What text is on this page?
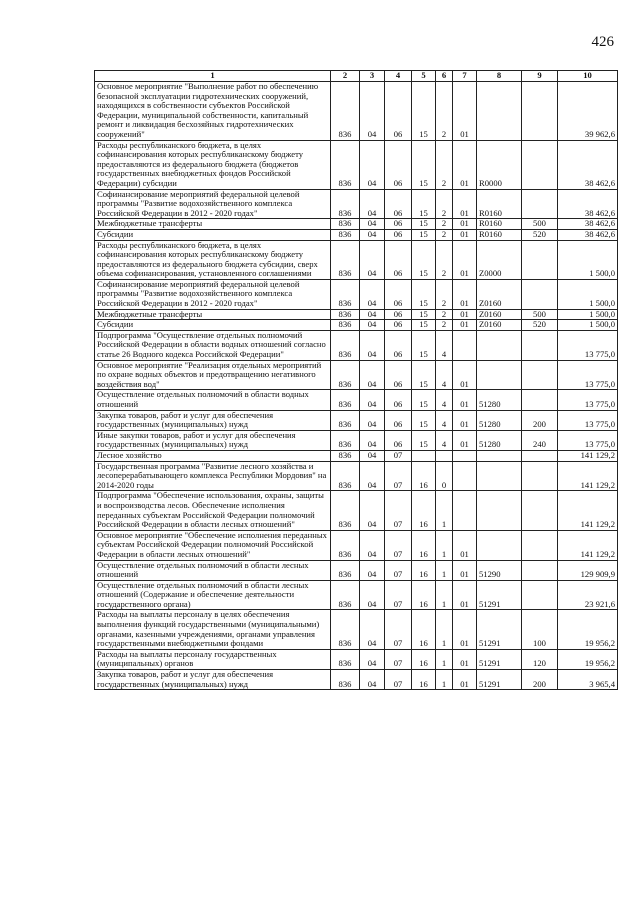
426
1	2	3	4	5	6	7	8	9	10
Основное мероприятие "Выполнение работ по обеспечению безопасной эксплуатации гидротехнических сооружений, находящихся в собственности субъектов Российской Федерации, муниципальной собственности, капитальный ремонт и ликвидация бесхозяйных гидротехнических сооружений"	836	04	06	15	2	01			39 962,6
Расходы республиканского бюджета, в целях софинансирования которых республиканскому бюджету предоставляются из федерального бюджета (бюджетов государственных внебюджетных фондов Российской Федерации) субсидии	836	04	06	15	2	01	R0000		38 462,6
Софинансирование мероприятий федеральной целевой программы "Развитие водохозяйственного комплекса Российской Федерации в 2012 - 2020 годах"	836	04	06	15	2	01	R0160		38 462,6
Межбюджетные трансферты	836	04	06	15	2	01	R0160	500	38 462,6
Субсидии	836	04	06	15	2	01	R0160	520	38 462,6
Расходы республиканского бюджета, в целях софинансирования которых республиканскому бюджету предоставляются из федерального бюджета субсидии, сверх объема софинансирования, установленного соглашениями	836	04	06	15	2	01	Z0000		1 500,0
Софинансирование мероприятий федеральной целевой программы "Развитие водохозяйственного комплекса Российской Федерации в 2012 - 2020 годах"	836	04	06	15	2	01	Z0160		1 500,0
Межбюджетные трансферты	836	04	06	15	2	01	Z0160	500	1 500,0
Субсидии	836	04	06	15	2	01	Z0160	520	1 500,0
Подпрограмма "Осуществление отдельных полномочий Российской Федерации в области водных отношений согласно статье 26 Водного кодекса Российской Федерации"	836	04	06	15	4				13 775,0
Основное мероприятие "Реализация отдельных мероприятий по охране водных объектов и предотвращению негативного воздействия вод"	836	04	06	15	4	01			13 775,0
Осуществление отдельных полномочий в области водных отношений	836	04	06	15	4	01	51280		13 775,0
Закупка товаров, работ и услуг для обеспечения государственных (муниципальных) нужд	836	04	06	15	4	01	51280	200	13 775,0
Иные закупки товаров, работ и услуг для обеспечения государственных (муниципальных) нужд	836	04	06	15	4	01	51280	240	13 775,0
Лесное хозяйство	836	04	07						141 129,2
Государственная программа "Развитие лесного хозяйства и лесоперерабатывающего комплекса Республики Мордовия" на 2014-2020 годы	836	04	07	16	0				141 129,2
Подпрограмма "Обеспечение использования, охраны, защиты и воспроизводства лесов. Обеспечение исполнения переданных субъектам Российской Федерации полномочий Российской Федерации в области лесных отношений"	836	04	07	16	1				141 129,2
Основное мероприятие "Обеспечение исполнения переданных субъектам Российской Федерации полномочий Российской Федерации в области лесных отношений"	836	04	07	16	1	01			141 129,2
Осуществление отдельных полномочий в области лесных отношений	836	04	07	16	1	01	51290		129 909,9
Осуществление отдельных полномочий в области лесных отношений (Содержание и обеспечение деятельности государственного органа)	836	04	07	16	1	01	51291		23 921,6
Расходы на выплаты персоналу в целях обеспечения выполнения функций государственными (муниципальными) органами, казенными учреждениями, органами управления государственными внебюджетными фондами	836	04	07	16	1	01	51291	100	19 956,2
Расходы на выплаты персоналу государственных (муниципальных) органов	836	04	07	16	1	01	51291	120	19 956,2
Закупка товаров, работ и услуг для обеспечения государственных (муниципальных) нужд	836	04	07	16	1	01	51291	200	3 965,4
